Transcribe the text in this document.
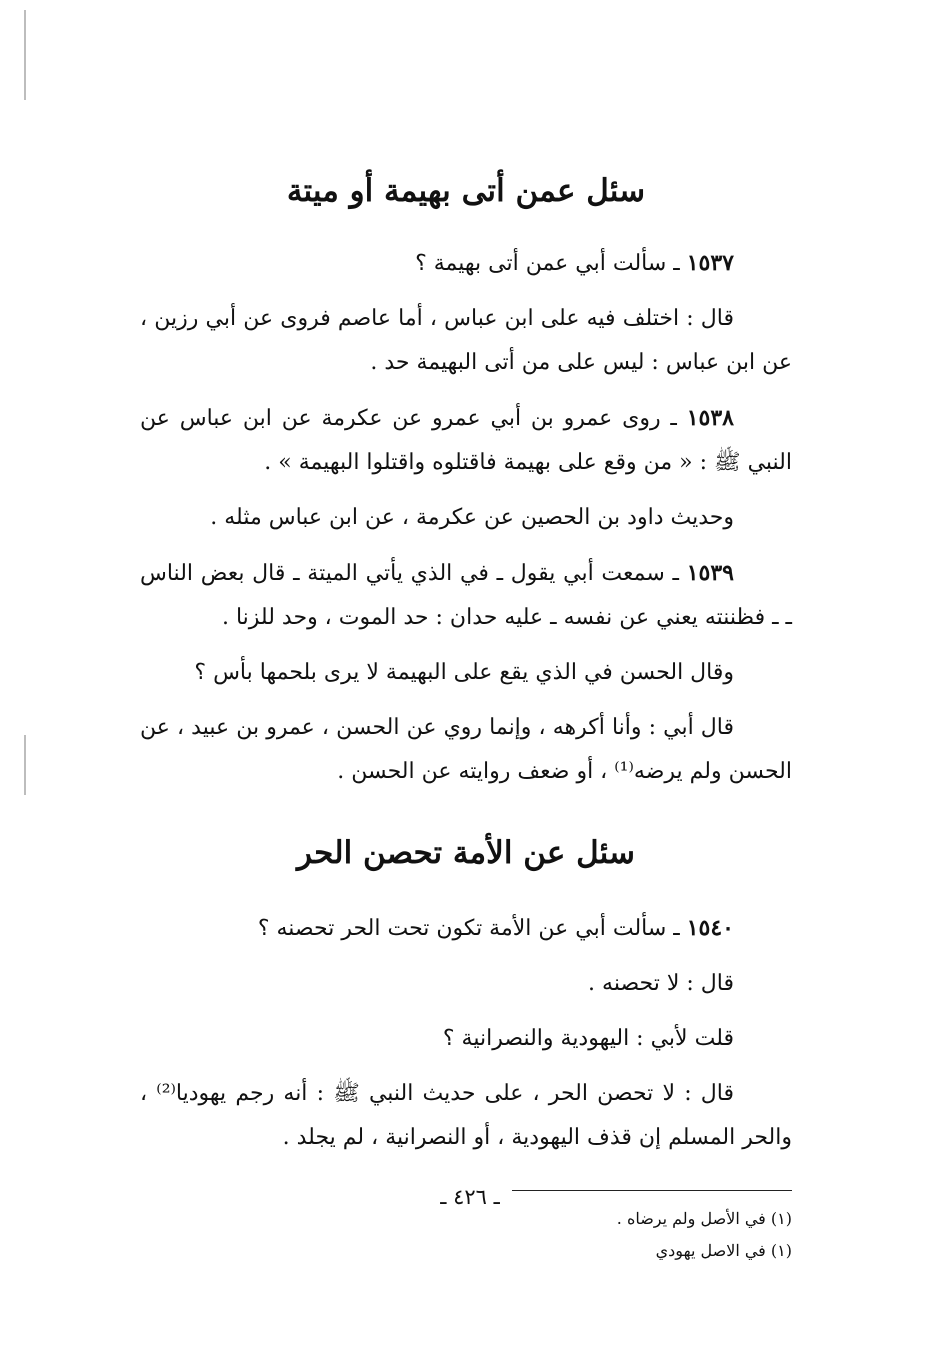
سئل عمن أتى بهيمة أو ميتة

١٥٣٧ ـ سألت أبي عمن أتى بهيمة ؟

قال : اختلف فيه على ابن عباس ، أما عاصم فروى عن أبي رزين ، عن ابن عباس : ليس على من أتى البهيمة حد .

١٥٣٨ ـ روى عمرو بن أبي عمرو عن عكرمة عن ابن عباس عن النبي ﷺ : « من وقع على بهيمة فاقتلوه واقتلوا البهيمة » .

وحديث داود بن الحصين عن عكرمة ، عن ابن عباس مثله .

١٥٣٩ ـ سمعت أبي يقول ـ في الذي يأتي الميتة ـ قال بعض الناس ـ ـ فظننته يعني عن نفسه ـ عليه حدان : حد الموت ، وحد للزنا .

وقال الحسن في الذي يقع على البهيمة لا يرى بلحمها بأس ؟

قال أبي : وأنا أكرهه ، وإنما روي عن الحسن ، عمرو بن عبيد ، عن الحسن ولم يرضه⁽¹⁾ ، أو ضعف روايته عن الحسن .

سئل عن الأمة تحصن الحر

١٥٤٠ ـ سألت أبي عن الأمة تكون تحت الحر تحصنه ؟

قال : لا تحصنه .

قلت لأبي : اليهودية والنصرانية ؟

قال : لا تحصن الحر ، على حديث النبي ﷺ : أنه رجم يهوديا⁽²⁾ ، والحر المسلم إن قذف اليهودية ، أو النصرانية ، لم يجلد .

(١) في الأصل ولم يرضاه .

(١) في الاصل يهودي

ـ ٤٢٦ ـ
